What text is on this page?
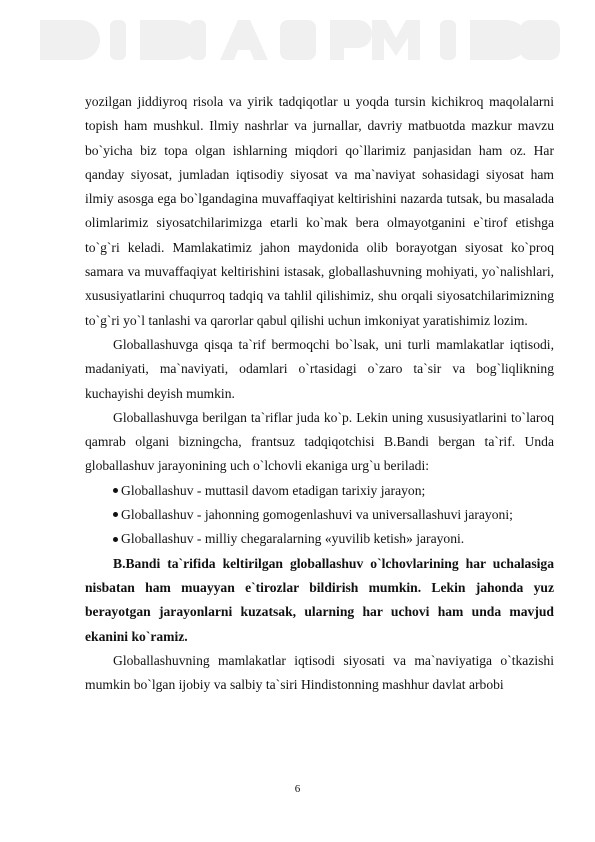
yozilgan jiddiyroq risola va yirik tadqiqotlar u yoqda tursin kichikroq maqolalarni topish ham mushkul. Ilmiy nashrlar va jurnallar, davriy matbuotda mazkur mavzu bo`yicha biz topa olgan ishlarning miqdori qo`llarimiz panjasidan ham oz. Har qanday siyosat, jumladan iqtisodiy siyosat va ma`naviyat sohasidagi siyosat ham ilmiy asosga ega bo`lgandagina muvaffaqiyat keltirishini nazarda tutsak, bu masalada olimlarimiz siyosatchilarimizga etarli ko`mak bera olmayotganini e`tirof etishga to`g`ri keladi. Mamlakatimiz jahon maydonida olib borayotgan siyosat ko`proq samara va muvaffaqiyat keltirishini istasak, globallashuvning mohiyati, yo`nalishlari, xususiyatlarini chuqurroq tadqiq va tahlil qilishimiz, shu orqali siyosatchilarimizning to`g`ri yo`l tanlashi va qarorlar qabul qilishi uchun imkoniyat yaratishimiz lozim.

Globallashuvga qisqa ta`rif bermoqchi bo`lsak, uni turli mamlakatlar iqtisodi, madaniyati, ma`naviyati, odamlari o`rtasidagi o`zaro ta`sir va bog`liqlikning kuchayishi deyish mumkin.

Globallashuvga berilgan ta`riflar juda ko`p. Lekin uning xususiyatlarini to`laroq qamrab olgani bizningcha, frantsuz tadqiqotchisi B.Bandi bergan ta`rif. Unda globallashuv jarayonining uch o`lchovli ekaniga urg`u beriladi:

Globallashuv - muttasil davom etadigan tarixiy jarayon;

Globallashuv - jahonning gomogenlashuvi va universallashuvi jarayoni;

Globallashuv - milliy chegaralarning «yuvilib ketish» jarayoni.

B.Bandi ta`rifida keltirilgan globallashuv o`lchovlarining har uchalasiga nisbatan ham muayyan e`tirozlar bildirish mumkin. Lekin jahonda yuz berayotgan jarayonlarni kuzatsak, ularning har uchovi ham unda mavjud ekanini ko`ramiz.

Globallashuvning mamlakatlar iqtisodi siyosati va ma`naviyatiga o`tkazishi mumkin bo`lgan ijobiy va salbiy ta`siri Hindistonning mashhur davlat arbobi

6
